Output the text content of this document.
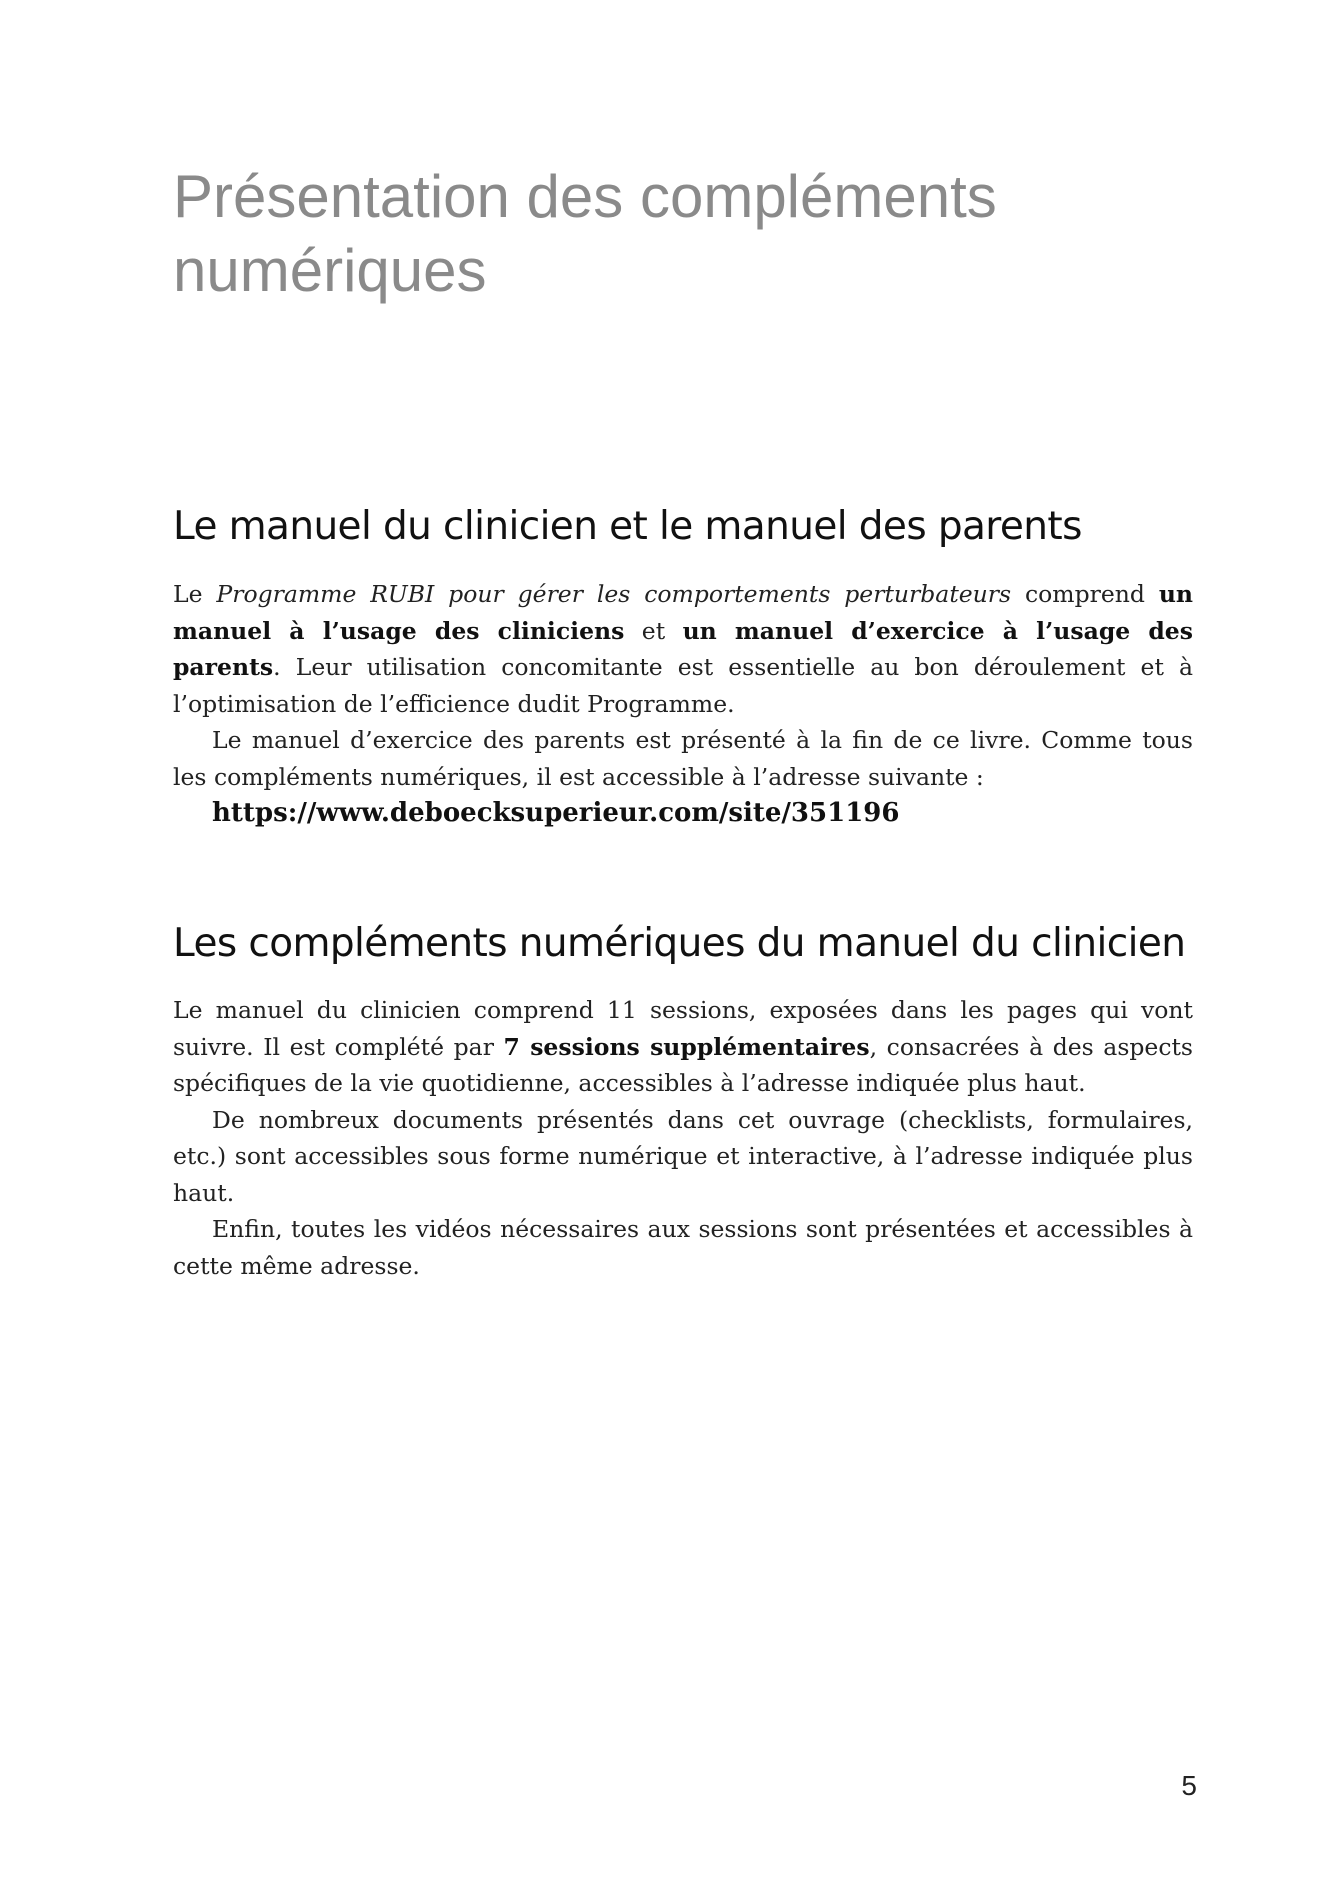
Présentation des compléments numériques
Le manuel du clinicien et le manuel des parents

Le Programme RUBI pour gérer les comportements perturbateurs comprend un manuel à l’usage des cliniciens et un manuel d’exercice à l’usage des parents. Leur utilisation concomitante est essentielle au bon déroulement et à l’optimisation de l’efficience dudit Programme.

Le manuel d’exercice des parents est présenté à la fin de ce livre. Comme tous les compléments numériques, il est accessible à l’adresse suivante :

https://www.deboecksuperieur.com/site/351196

Les compléments numériques du manuel du clinicien

Le manuel du clinicien comprend 11 sessions, exposées dans les pages qui vont suivre. Il est complété par 7 sessions supplémentaires, consacrées à des aspects spécifiques de la vie quotidienne, accessibles à l’adresse indiquée plus haut.

De nombreux documents présentés dans cet ouvrage (checklists, formulaires, etc.) sont accessibles sous forme numérique et interactive, à l’adresse indiquée plus haut.

Enfin, toutes les vidéos nécessaires aux sessions sont présentées et accessibles à cette même adresse.

5
